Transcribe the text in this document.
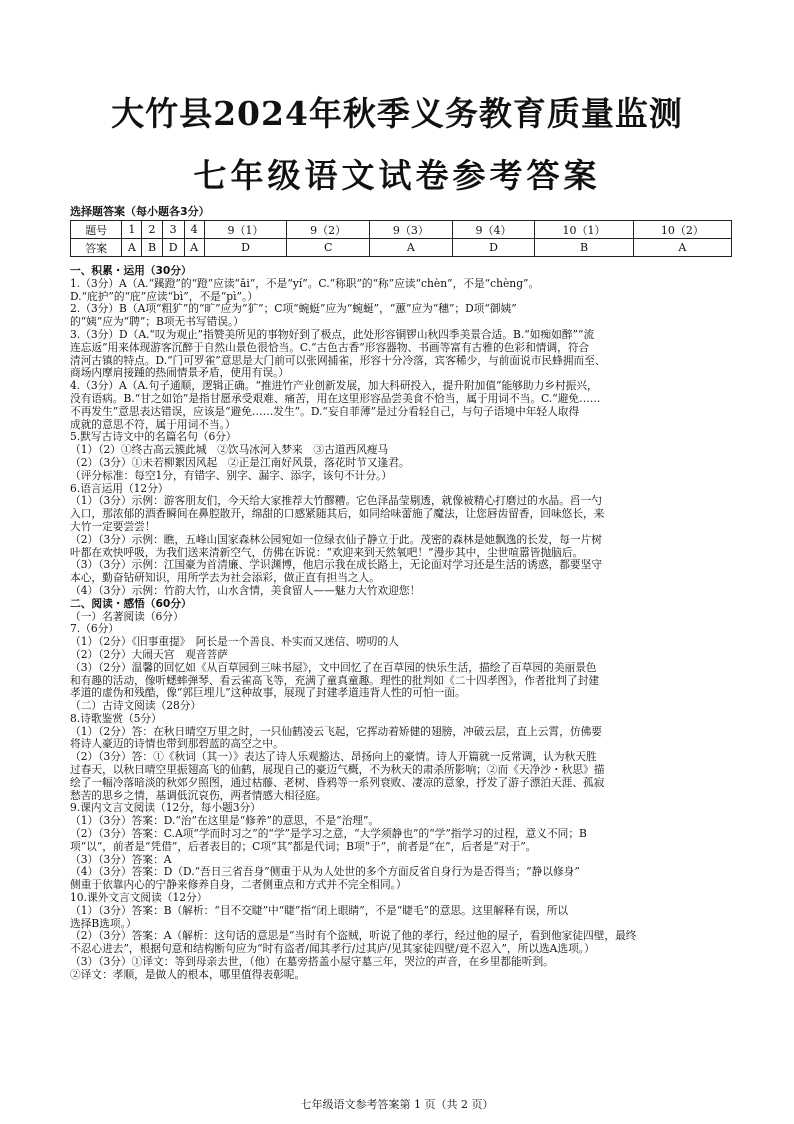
大竹县2024年秋季义务教育质量监测
七年级语文试卷参考答案
选择题答案（每小题各3分）
题号	1	2	3	4	9（1）	9（2）	9（3）	9（4）	10（1）	10（2）
答案	A	B	D	A	D	C	A	D	B	A

一、积累・运用（30分）

1.（3分）A（A.“蹊蹬”的“蹬”应读“ǎi”，不是“yí”。C.“称职”的“称”应读“chèn”，不是“chèng”。

D.“庇护”的“庇”应读“bì”，不是“pì”。）

2.（3分）B（A项“粗犷”的“旷”应为“犷”；C项“蜿蜓”应为“蜿蜒”，“蕙”应为“穗”；D项“御姨”

的“姨”应为“聘”；B项无书写错误。）

3.（3分）D（A.“叹为观止”指赞美所见的事物好到了极点，此处形容铜锣山秋四季美景合适。B.“如痴如醉”“流

连忘返”用来体现游客沉醉于自然山景色很恰当。C.“古色古香”形容器物、书画等富有古雅的色彩和情调，符合

清河古镇的特点。D.“门可罗雀”意思是大门前可以张网捕雀，形容十分冷落，宾客稀少，与前面说市民蜂拥而至、

商场内摩肩接踵的热闹情景矛盾，使用有误。）

4.（3分）A（A.句子通顺，逻辑正确。“推进竹产业创新发展，加大科研投入，提升附加值”能够助力乡村振兴，

没有语病。B.“甘之如饴”是指甘愿承受艰难、痛苦，用在这里形容品尝美食不恰当，属于用词不当。C.“避免……

不再发生”意思表达错误，应该是“避免……发生”。D.“妄自菲薄”是过分看轻自己，与句子语境中年轻人取得

成就的意思不符，属于用词不当。）

5.默写古诗文中的名篇名句（6分）

（1）（2）①终古高云簇此城　②饮马冰河入梦来　③古道西风瘦马

（2）（3分）①未若柳絮因风起　②正是江南好风景，落花时节又逢君。

（评分标准：每空1分，有错字、别字、漏字、添字，该句不计分。）

6.语言运用（12分）

（1）（3分）示例：游客朋友们，今天给大家推荐大竹醪糟。它色泽晶莹剔透，就像被精心打磨过的水晶。舀一勺

入口，那浓郁的酒香瞬间在鼻腔散开，绵甜的口感紧随其后，如同给味蕾施了魔法，让您唇齿留香，回味悠长，来

大竹一定要尝尝！

（2）（3分）示例：瞧，五峰山国家森林公园宛如一位绿衣仙子静立于此。茂密的森林是她飘逸的长发，每一片树

叶都在欢快呼吸，为我们送来清新空气，仿佛在诉说：“欢迎来到天然氧吧！”漫步其中，尘世喧嚣皆抛脑后。

（3）（3分）示例：江国豪为首清廉、学识渊博，他启示我在成长路上，无论面对学习还是生活的诱惑，都要坚守

本心，勤奋钻研知识，用所学去为社会添彩，做正直有担当之人。

（4）（3分）示例：竹韵大竹，山水含情，美食留人——魅力大竹欢迎您！

二、阅读・感悟（60分）

（一）名著阅读（6分）

7.（6分）

（1）（2分）《旧事重提》　阿长是一个善良、朴实而又迷信、唠叨的人

（2）（2分）大闹天宫　观音菩萨

（3）（2分）温馨的回忆如《从百草园到三味书屋》，文中回忆了在百草园的快乐生活，描绘了百草园的美丽景色

和有趣的活动，像听蟋蟀弹琴、看云雀高飞等，充满了童真童趣。理性的批判如《二十四孝图》，作者批判了封建

孝道的虚伪和残酷，像“郭巨埋儿”这种故事，展现了封建孝道违背人性的可怕一面。

（二）古诗文阅读（28分）

8.诗歌鉴赏（5分）

（1）（2分）答：在秋日晴空万里之时，一只仙鹤凌云飞起，它挥动着矫健的翅膀，冲破云层，直上云霄，仿佛要

将诗人豪迈的诗情也带到那碧蓝的高空之中。

（2）（3分）答：①《秋词（其一）》表达了诗人乐观豁达、昂扬向上的豪情。诗人开篇就一反常调，认为秋天胜

过春天，以秋日晴空里振翅高飞的仙鹤，展现自己的豪迈气概，不为秋天的肃杀所影响；②而《天净沙・秋思》描

绘了一幅冷落暗淡的秋郊夕照图，通过枯藤、老树、昏鸦等一系列衰败、凄凉的意象，抒发了游子漂泊天涯、孤寂

愁苦的思乡之情，基调低沉哀伤，两者情感大相径庭。

9.课内文言文阅读（12分，每小题3分）

（1）（3分）答案：D.“治”在这里是“修养”的意思，不是“治理”。

（2）（3分）答案：C.A项“学而时习之”的“学”是学习之意，“大学须静也”的“学”指学习的过程，意义不同；B

项“以”，前者是“凭借”，后者表目的；C项“其”都是代词；B项“于”，前者是“在”，后者是“对于”。

（3）（3分）答案：A

（4）（3分）答案：D（D.“吾日三省吾身”侧重于从为人处世的多个方面反省自身行为是否得当；“静以修身”

侧重于依靠内心的宁静来修养自身，二者侧重点和方式并不完全相同。）

10.课外文言文阅读（12分）

（1）（3分）答案：B（解析：“目不交睫”中“睫”指“闭上眼睛”，不是“睫毛”的意思。这里解释有误，所以

选择B选项。）

（2）（3分）答案：A（解析：这句话的意思是“当时有个盗贼，听说了他的孝行，经过他的屋子，看到他家徒四壁，最终

不忍心进去”，根据句意和结构断句应为“时有盗者/闻其孝行/过其庐/见其家徒四壁/竟不忍入”，所以选A选项。）

（3）（3分）①译文：等到母亲去世，（他）在墓旁搭盖小屋守墓三年，哭泣的声音，在乡里都能听到。

②译文：孝顺，是做人的根本，哪里值得表彰呢。

七年级语文参考答案第 1 页（共 2 页）
